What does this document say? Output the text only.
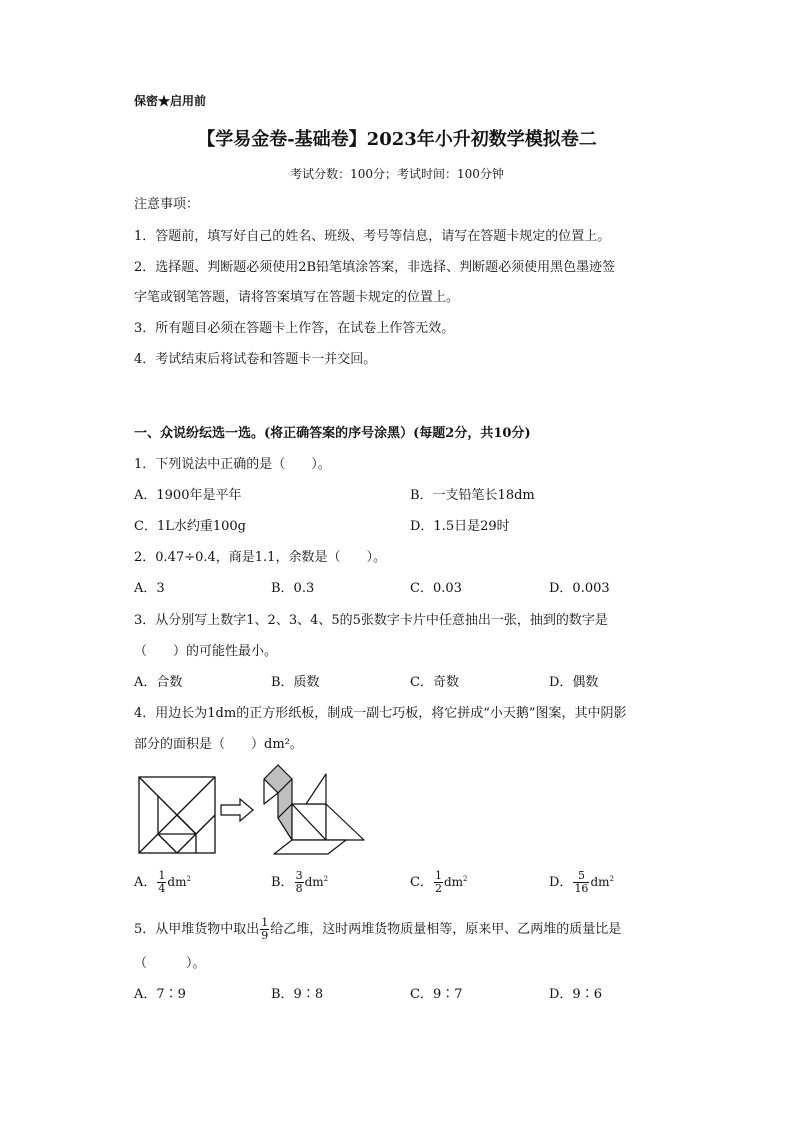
保密★启用前
【学易金卷-基础卷】2023年小升初数学模拟卷二
考试分数：100分；考试时间：100分钟
注意事项：
1．答题前，填写好自己的姓名、班级、考号等信息，请写在答题卡规定的位置上。
2．选择题、判断题必须使用2B铅笔填涂答案，非选择、判断题必须使用黑色墨迹签
字笔或钢笔答题，请将答案填写在答题卡规定的位置上。
3．所有题目必须在答题卡上作答，在试卷上作答无效。
4．考试结束后将试卷和答题卡一并交回。
一、众说纷纭选一选。(将正确答案的序号涂黑）(每题2分，共10分)
1．下列说法中正确的是（　　）。
A．1900年是平年	B．一支铅笔长18dm
C．1L水约重100g	D．1.5日是29时
2．0.47÷0.4，商是1.1，余数是（　　）。
A．3	B．0.3	C．0.03	D．0.003
3．从分别写上数字1、2、3、4、5的5张数字卡片中任意抽出一张，抽到的数字是
（　　）的可能性最小。
A．合数	B．质数	C．奇数	D．偶数
4．用边长为1dm的正方形纸板，制成一副七巧板，将它拼成“小天鹅”图案，其中阴影
部分的面积是（　　）dm²。
A． $\frac{1}{4} dm^2$	B． $\frac{3}{8} dm^2$	C． $\frac{1}{2} dm^2$	D． $\frac{5}{16} dm^2$
5．从甲堆货物中取出 $\frac{1}{9}$ 给乙堆，这时两堆货物质量相等，原来甲、乙两堆的质量比是
（　　　）。
A．7∶9	B．9∶8	C．9∶7	D．9∶6
